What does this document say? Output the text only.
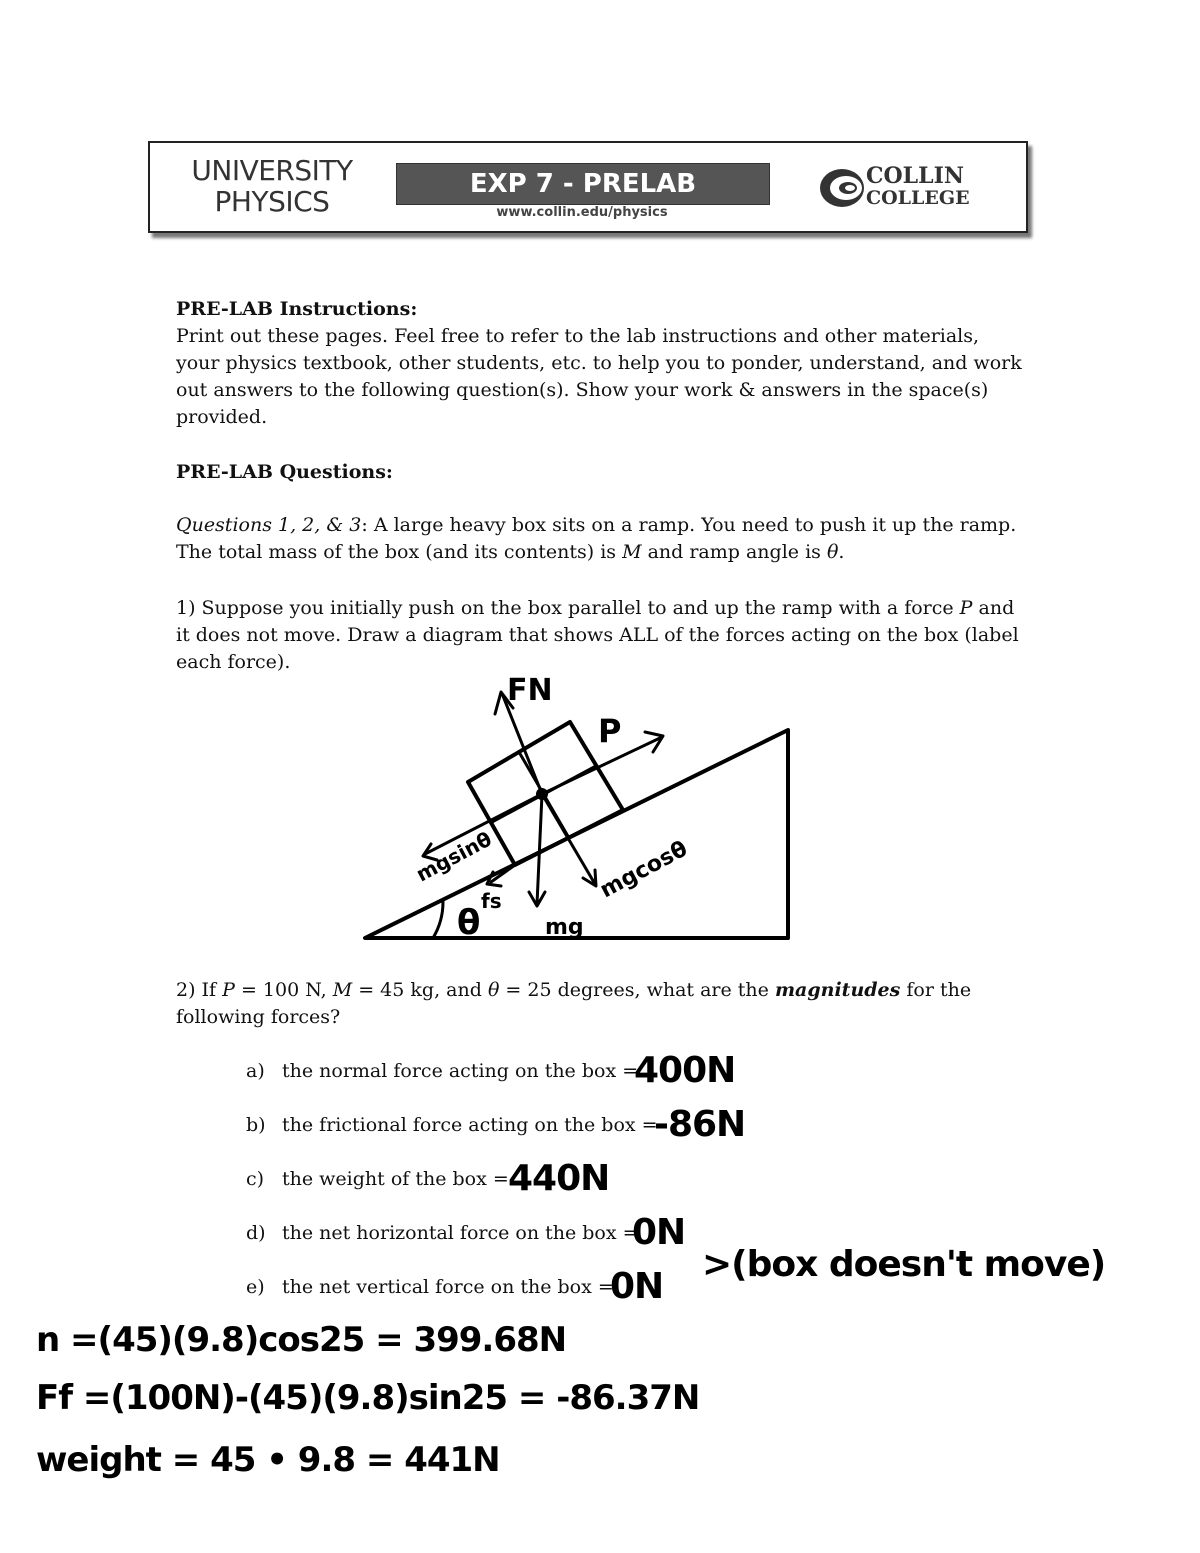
UNIVERSITY
PHYSICS
EXP 7 - PRELAB
www.collin.edu/physics
COLLIN
COLLEGE
PRE-LAB Instructions:
Print out these pages. Feel free to refer to the lab instructions and other materials, your physics textbook, other students, etc. to help you to ponder, understand, and work out answers to the following question(s). Show your work & answers in the space(s) provided.
PRE-LAB Questions:
Questions 1, 2, & 3: A large heavy box sits on a ramp. You need to push it up the ramp. The total mass of the box (and its contents) is M and ramp angle is θ.
1) Suppose you initially push on the box parallel to and up the ramp with a force P and it does not move. Draw a diagram that shows ALL of the forces acting on the box (label each force).
FN
P
mgsinθ
fs
θ	mg
mgcosθ
2) If P = 100 N, M = 45 kg, and θ = 25 degrees, what are the magnitudes for the following forces?
a) the normal force acting on the box =
b) the frictional force acting on the box =
c) the weight of the box =
d) the net horizontal force on the box =
e) the net vertical force on the box =
400N
-86N
440N
0N
0N
>(box doesn't move)
n =(45)(9.8)cos25 = 399.68N
Ff =(100N)-(45)(9.8)sin25 = -86.37N
weight = 45 • 9.8 = 441N
